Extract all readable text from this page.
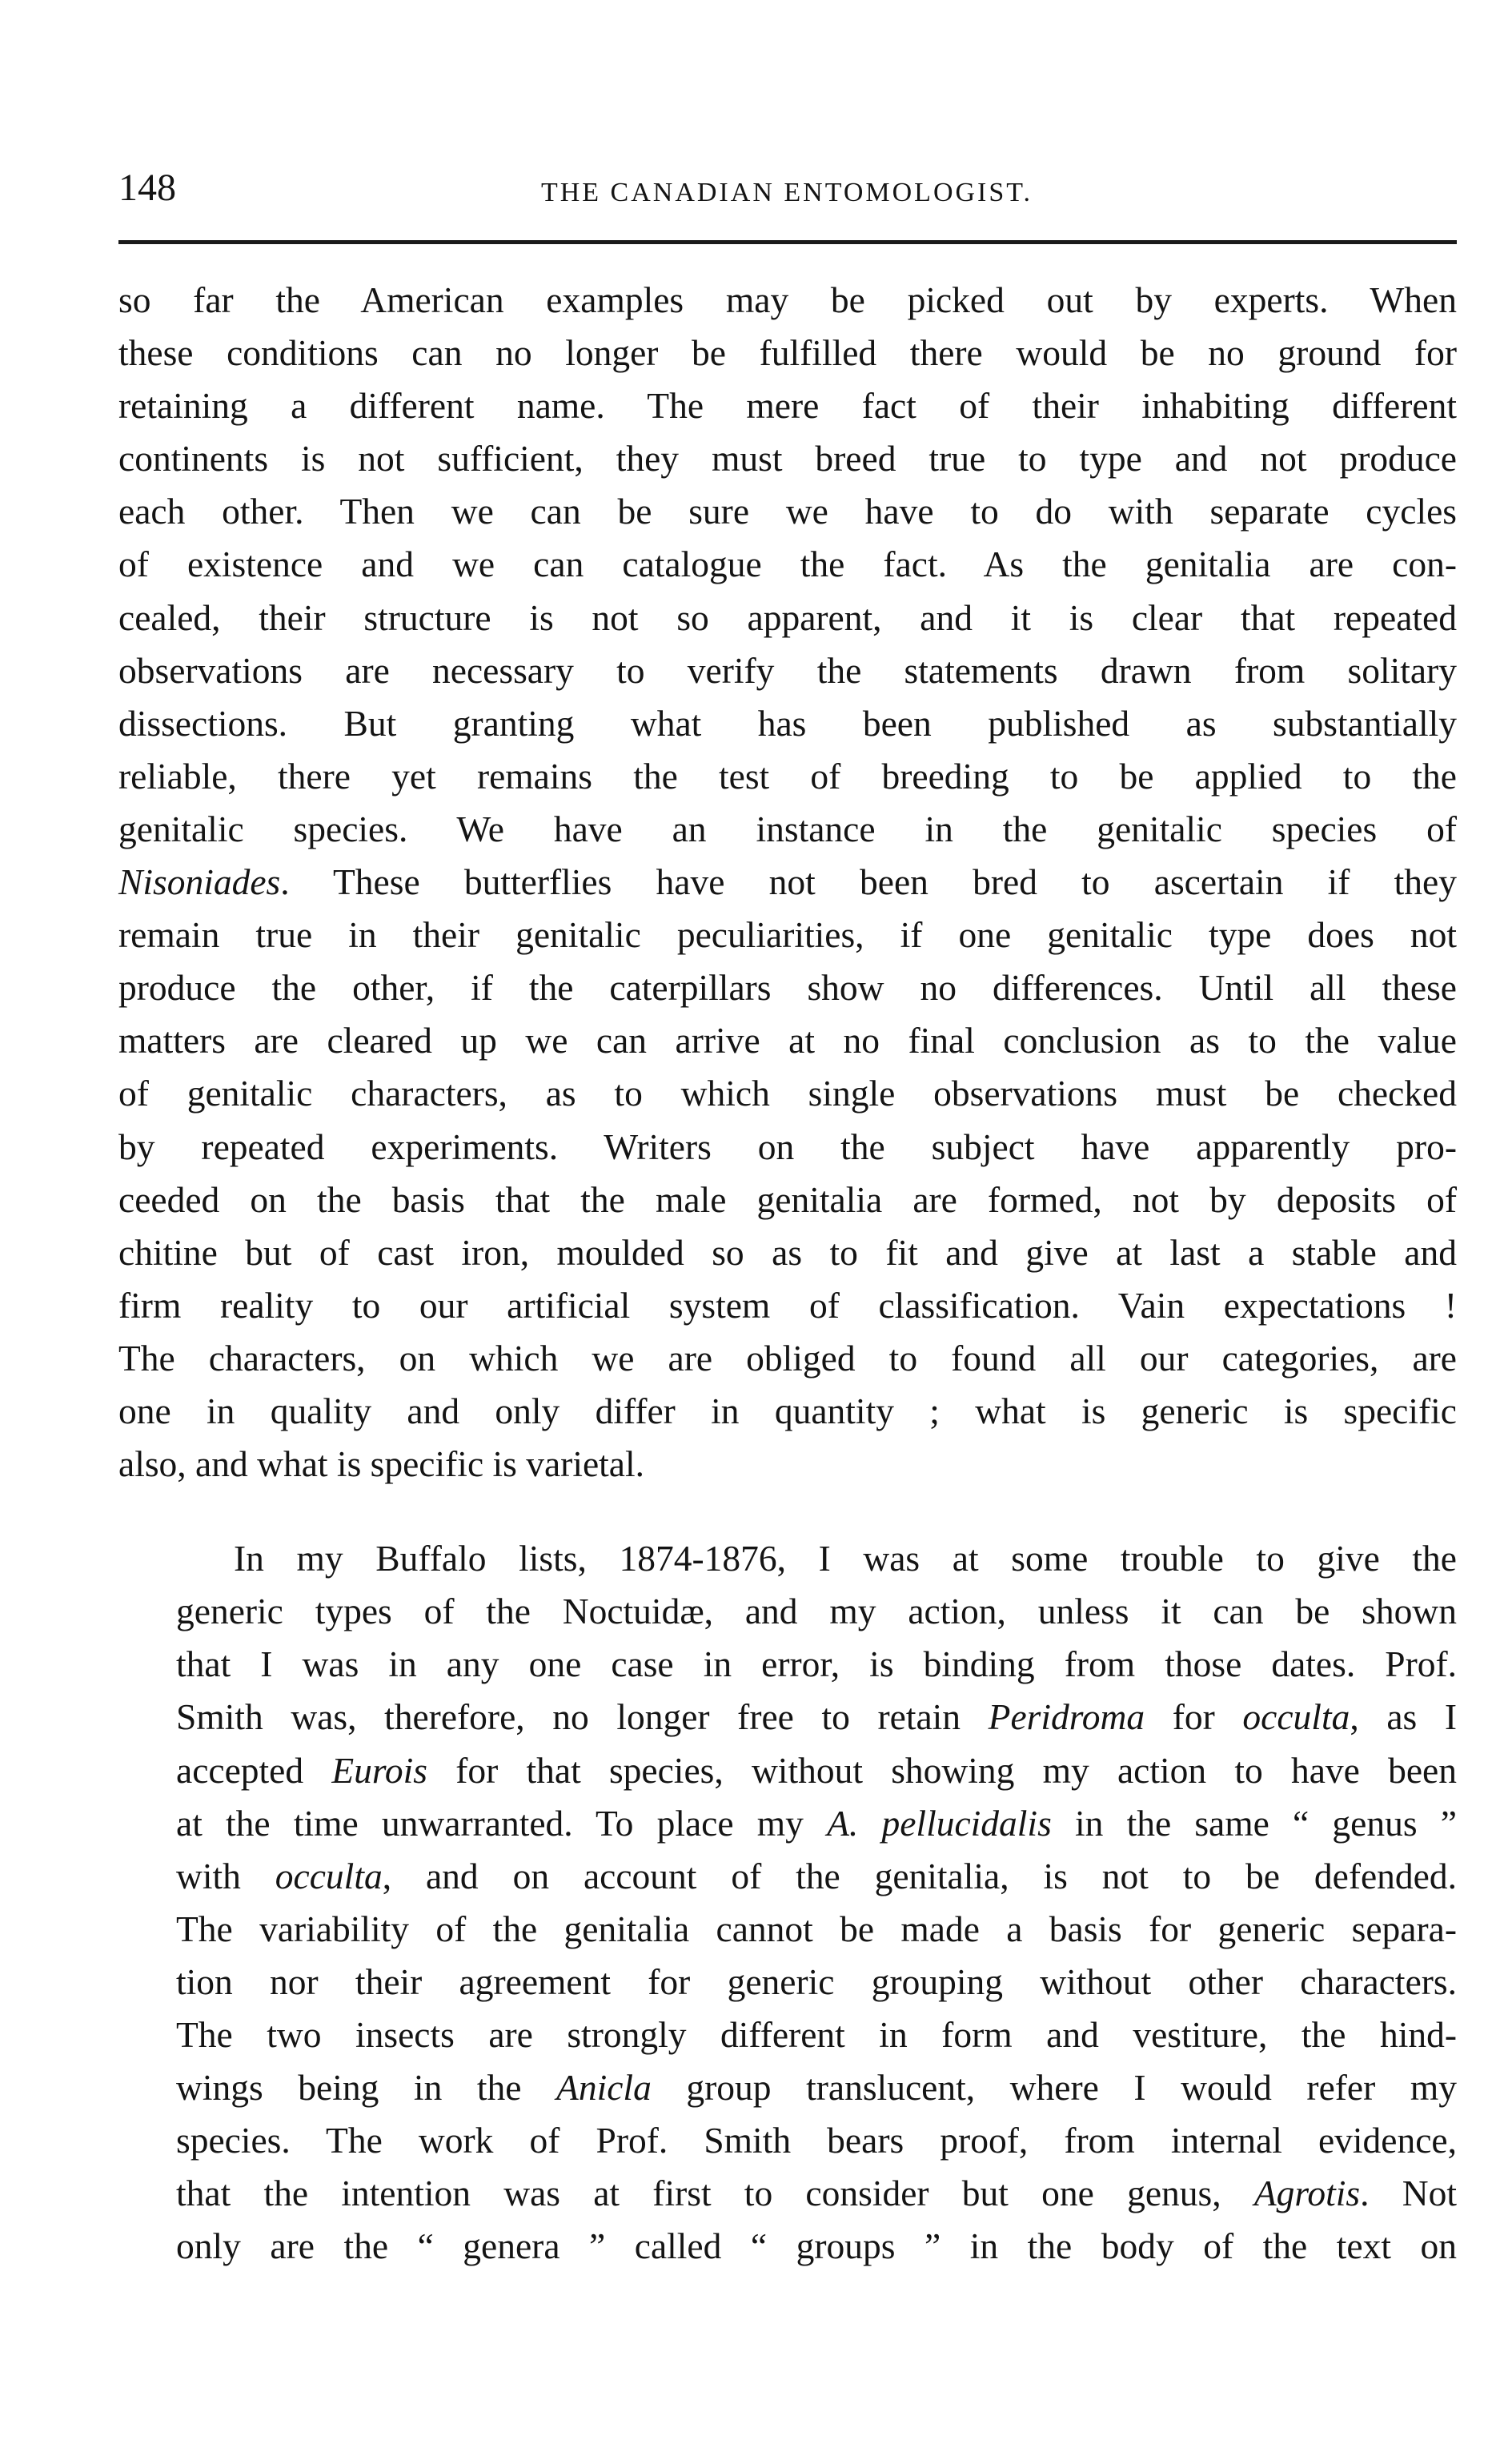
148	THE CANADIAN ENTOMOLOGIST.
so far the American examples may be picked out by experts. When
these conditions can no longer be fulfilled there would be no ground for
retaining a different name. The mere fact of their inhabiting different
continents is not sufficient, they must breed true to type and not produce
each other. Then we can be sure we have to do with separate cycles
of existence and we can catalogue the fact. As the genitalia are con-
cealed, their structure is not so apparent, and it is clear that repeated
observations are necessary to verify the statements drawn from solitary
dissections. But granting what has been published as substantially
reliable, there yet remains the test of breeding to be applied to the
genitalic species. We have an instance in the genitalic species of
Nisoniades. These butterflies have not been bred to ascertain if they
remain true in their genitalic peculiarities, if one genitalic type does not
produce the other, if the caterpillars show no differences. Until all these
matters are cleared up we can arrive at no final conclusion as to the value
of genitalic characters, as to which single observations must be checked
by repeated experiments. Writers on the subject have apparently pro-
ceeded on the basis that the male genitalia are formed, not by deposits of
chitine but of cast iron, moulded so as to fit and give at last a stable and
firm reality to our artificial system of classification. Vain expectations !
The characters, on which we are obliged to found all our categories, are
one in quality and only differ in quantity ; what is generic is specific
also, and what is specific is varietal.
In my Buffalo lists, 1874-1876, I was at some trouble to give the
generic types of the Noctuidæ, and my action, unless it can be shown
that I was in any one case in error, is binding from those dates. Prof.
Smith was, therefore, no longer free to retain Peridroma for occulta, as I
accepted Eurois for that species, without showing my action to have been
at the time unwarranted. To place my A. pellucidalis in the same “ genus ”
with occulta, and on account of the genitalia, is not to be defended.
The variability of the genitalia cannot be made a basis for generic separa-
tion nor their agreement for generic grouping without other characters.
The two insects are strongly different in form and vestiture, the hind-
wings being in the Anicla group translucent, where I would refer my
species. The work of Prof. Smith bears proof, from internal evidence,
that the intention was at first to consider but one genus, Agrotis. Not
only are the “ genera ” called “ groups ” in the body of the text on
